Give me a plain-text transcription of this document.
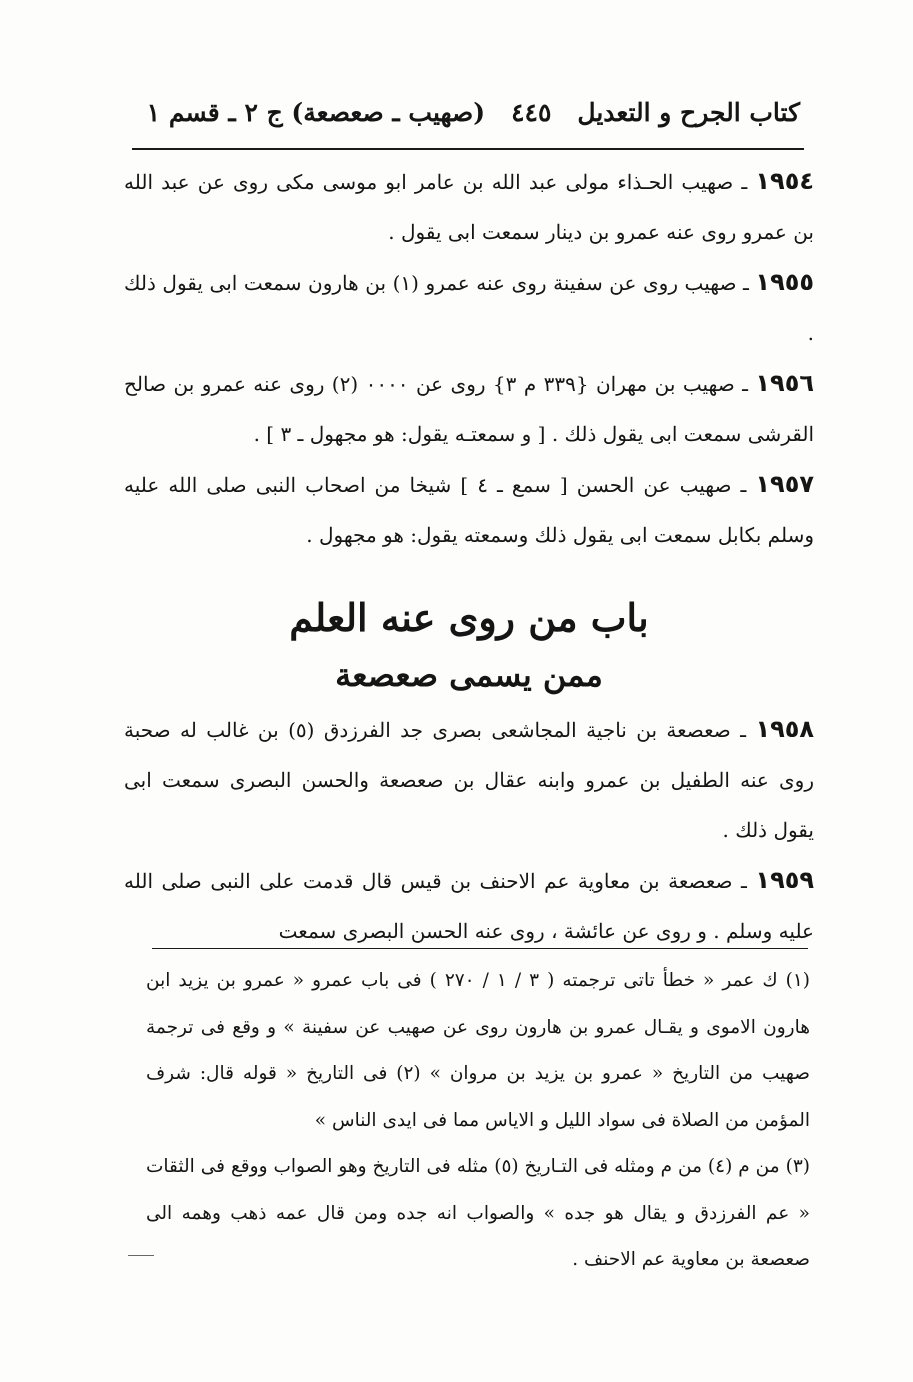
كتاب الجرح و التعديل
٤٤٥
(صهيب ـ صعصعة) ج ٢ ـ قسم ١

١٩٥٤ ـ صهيب الحـذاء مولى عبد الله بن عامر ابو موسى مكى روى عن عبد الله بن عمرو روى عنه عمرو بن دينار سمعت ابى يقول .

١٩٥٥ ـ صهيب روى عن سفينة روى عنه عمرو (١) بن هارون سمعت ابى يقول ذلك .

١٩٥٦ ـ صهيب بن مهران {٣٣٩ م ٣} روى عن ٠٠٠٠ (٢) روى عنه عمرو بن صالح القرشى سمعت ابى يقول ذلك . [ و سمعتـه يقول: هو مجهول ـ ٣ ] .

١٩٥٧ ـ صهيب عن الحسن [ سمع ـ ٤ ] شيخا من اصحاب النبى صلى الله عليه وسلم بكابل سمعت ابى يقول ذلك وسمعته يقول: هو مجهول .

باب من روى عنه العلم
ممن يسمى صعصعة

١٩٥٨ ـ صعصعة بن ناجية المجاشعى بصرى جد الفرزدق (٥) بن غالب له صحبة روى عنه الطفيل بن عمرو وابنه عقال بن صعصعة والحسن البصرى سمعت ابى يقول ذلك .

١٩٥٩ ـ صعصعة بن معاوية عم الاحنف بن قيس قال قدمت على النبى صلى الله عليه وسلم . و روى عن عائشة ، روى عنه الحسن البصرى سمعت

(١) ك عمر « خطأ تاتى ترجمته ( ٣ / ١ / ٢٧٠ ) فى باب عمرو « عمرو بن يزيد ابن هارون الاموى و يقـال عمرو بن هارون روى عن صهيب عن سفينة » و وقع فى ترجمة صهيب من التاريخ « عمرو بن يزيد بن مروان » (٢) فى التاريخ « قوله قال: شرف المؤمن من الصلاة فى سواد الليل و الاياس مما فى ايدى الناس »

(٣) من م (٤) من م ومثله فى التـاريخ (٥) مثله فى التاريخ وهو الصواب ووقع فى الثقات « عم الفرزدق و يقال هو جده » والصواب انه جده ومن قال عمه ذهب وهمه الى صعصعة بن معاوية عم الاحنف .
